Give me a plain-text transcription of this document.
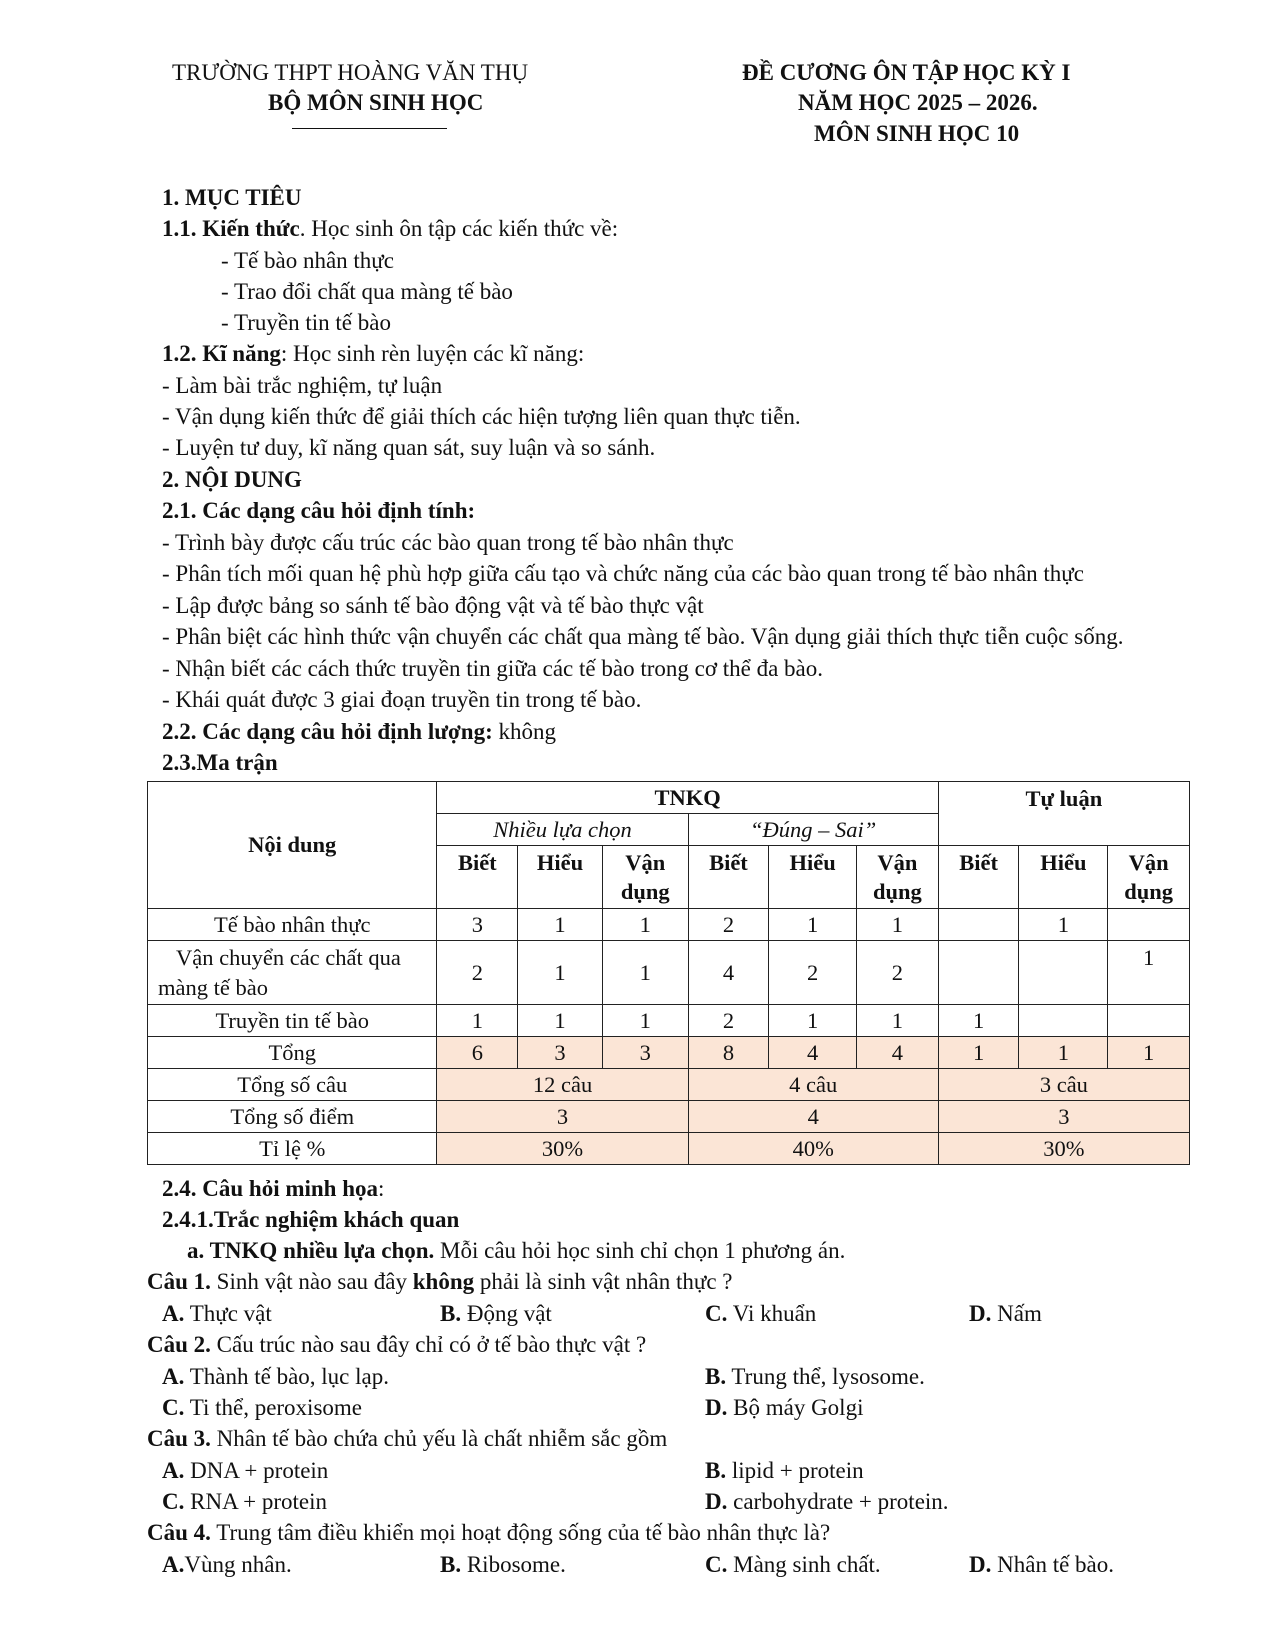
TRƯỜNG THPT HOÀNG VĂN THỤ
BỘ MÔN SINH HỌC
ĐỀ CƯƠNG ÔN TẬP HỌC KỲ I
NĂM HỌC 2025 – 2026.
MÔN SINH HỌC 10
1. MỤC TIÊU
1.1. Kiến thức. Học sinh ôn tập các kiến thức về:
- Tế bào nhân thực
- Trao đổi chất qua màng tế bào
- Truyền tin tế bào
1.2. Kĩ năng: Học sinh rèn luyện các kĩ năng:
- Làm bài trắc nghiệm, tự luận
- Vận dụng kiến thức để giải thích các hiện tượng liên quan thực tiễn.
- Luyện tư duy, kĩ năng quan sát, suy luận và so sánh.
2. NỘI DUNG
2.1. Các dạng câu hỏi định tính:
- Trình bày được cấu trúc các bào quan trong tế bào nhân thực
- Phân tích mối quan hệ phù hợp giữa cấu tạo và chức năng của các bào quan trong tế bào nhân thực
- Lập được bảng so sánh tế bào động vật và tế bào thực vật
- Phân biệt các hình thức vận chuyển các chất qua màng tế bào. Vận dụng giải thích thực tiễn cuộc sống.
- Nhận biết các cách thức truyền tin giữa các tế bào trong cơ thể đa bào.
- Khái quát được 3 giai đoạn truyền tin trong tế bào.
2.2. Các dạng câu hỏi định lượng: không
2.3.Ma trận
Nội dung	TNKQ						Tự luận		
	Nhiều lựa chọn			“Đúng – Sai”					
	Biết	Hiểu	Vận dụng	Biết	Hiểu	Vận dụng	Biết	Hiểu	Vận dụng
Tế bào nhân thực	3	1	1	2	1	1		1	
Vận chuyển các chất qua màng tế bào	2	1	1	4	2	2			1
Truyền tin tế bào	1	1	1	2	1	1	1		
Tổng	6	3	3	8	4	4	1	1	1
Tổng số câu	12 câu			4 câu			3 câu		
Tổng số điểm	3			4			3		
Tỉ lệ %	30%			40%			30%		
2.4. Câu hỏi minh họa:
2.4.1.Trắc nghiệm khách quan
a. TNKQ nhiều lựa chọn. Mỗi câu hỏi học sinh chỉ chọn 1 phương án.
Câu 1. Sinh vật nào sau đây không phải là sinh vật nhân thực ?
A. Thực vật	B. Động vật	C. Vi khuẩn	D. Nấm
Câu 2. Cấu trúc nào sau đây chỉ có ở tế bào thực vật ?
A. Thành tế bào, lục lạp.	B. Trung thể, lysosome.
C. Ti thể, peroxisome	D. Bộ máy Golgi
Câu 3. Nhân tế bào chứa chủ yếu là chất nhiễm sắc gồm
A. DNA + protein	B. lipid + protein
C. RNA + protein	D. carbohydrate + protein.
Câu 4. Trung tâm điều khiển mọi hoạt động sống của tế bào nhân thực là?
A.Vùng nhân.	B. Ribosome.	C. Màng sinh chất.	D. Nhân tế bào.
